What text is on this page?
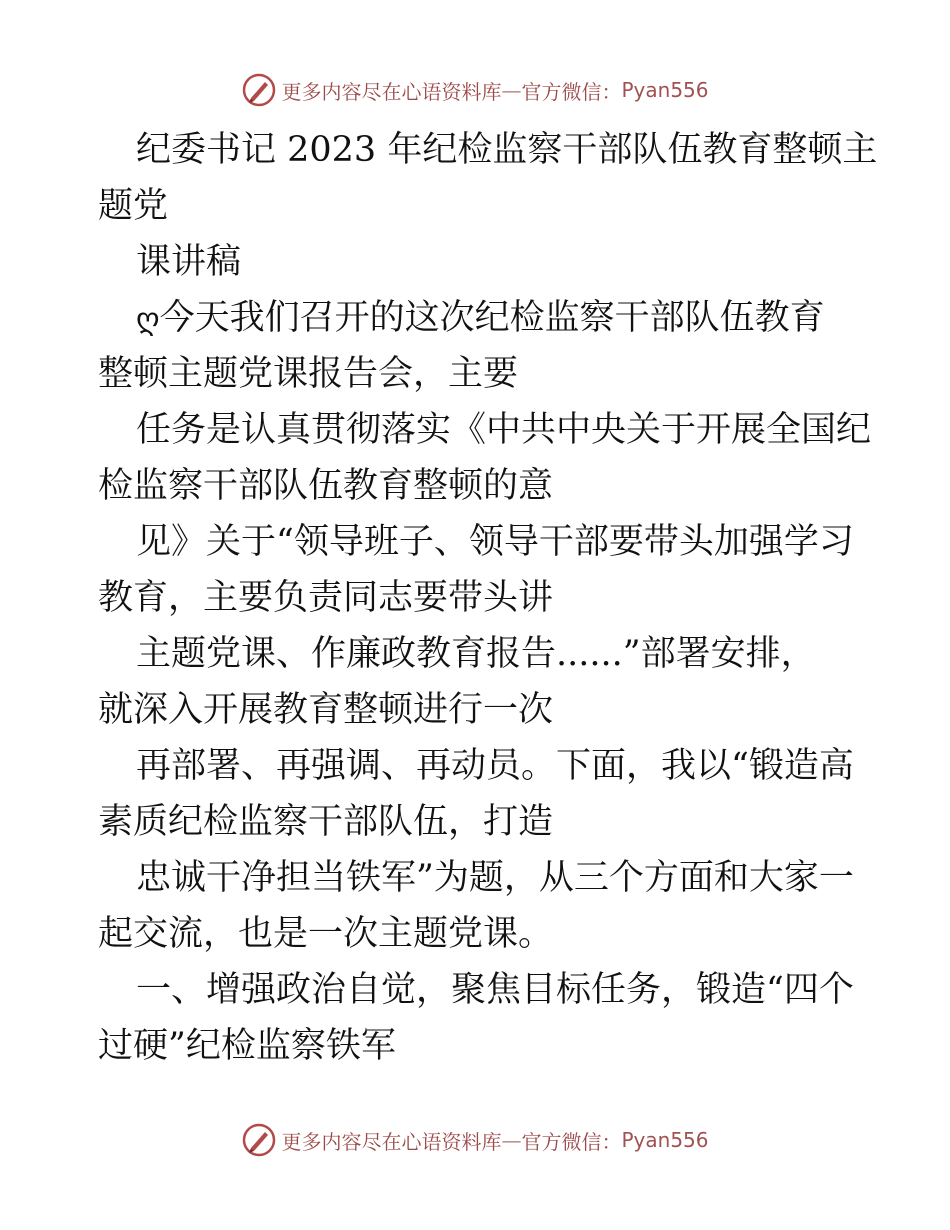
更多内容尽在心语资料库 — 官方微信： Pyan556
纪委书记 2023 年纪检监察干部队伍教育整顿主
题党
课讲稿
ღ今天我们召开的这次纪检监察干部队伍教育
整顿主题党课报告会，主要
任务是认真贯彻落实《中共中央关于开展全国纪
检监察干部队伍教育整顿的意
见》关于“领导班子、领导干部要带头加强学习
教育，主要负责同志要带头讲
主题党课、作廉政教育报告......”部署安排，
就深入开展教育整顿进行一次
再部署、再强调、再动员。下面，我以“锻造高
素质纪检监察干部队伍，打造
忠诚干净担当铁军”为题，从三个方面和大家一
起交流，也是一次主题党课。
一、增强政治自觉，聚焦目标任务，锻造“四个
过硬”纪检监察铁军
更多内容尽在心语资料库 — 官方微信： Pyan556
